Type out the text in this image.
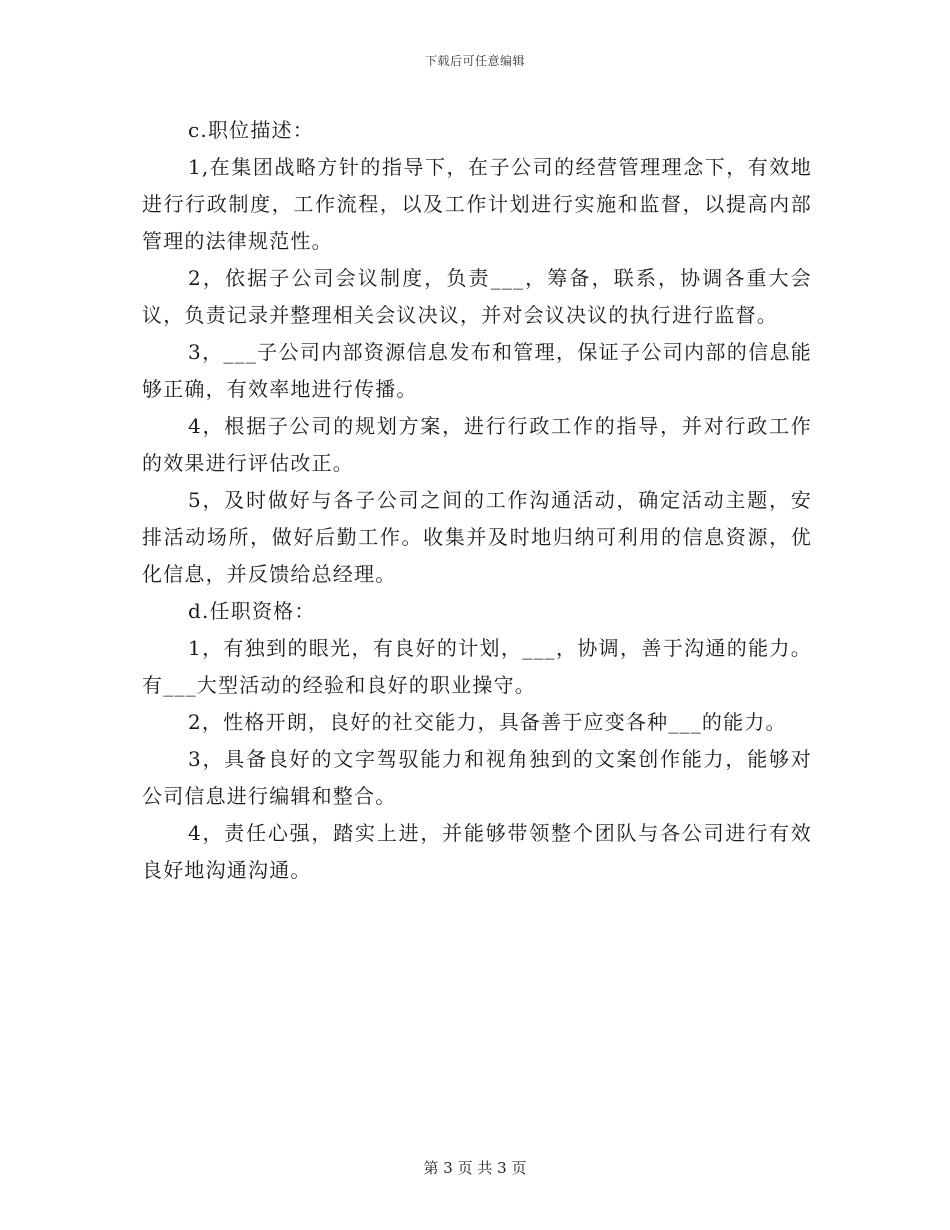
下载后可任意编辑

c.职位描述：

1,在集团战略方针的指导下，在子公司的经营管理理念下，有效地进行行政制度，工作流程，以及工作计划进行实施和监督，以提高内部管理的法律规范性。

2，依据子公司会议制度，负责___，筹备，联系，协调各重大会议，负责记录并整理相关会议决议，并对会议决议的执行进行监督。

3，___子公司内部资源信息发布和管理，保证子公司内部的信息能够正确，有效率地进行传播。

4，根据子公司的规划方案，进行行政工作的指导，并对行政工作的效果进行评估改正。

5，及时做好与各子公司之间的工作沟通活动，确定活动主题，安排活动场所，做好后勤工作。收集并及时地归纳可利用的信息资源，优化信息，并反馈给总经理。

d.任职资格：

1，有独到的眼光，有良好的计划，___，协调，善于沟通的能力。有___大型活动的经验和良好的职业操守。

2，性格开朗，良好的社交能力，具备善于应变各种___的能力。

3，具备良好的文字驾驭能力和视角独到的文案创作能力，能够对公司信息进行编辑和整合。

4，责任心强，踏实上进，并能够带领整个团队与各公司进行有效良好地沟通沟通。

第 3 页 共 3 页
